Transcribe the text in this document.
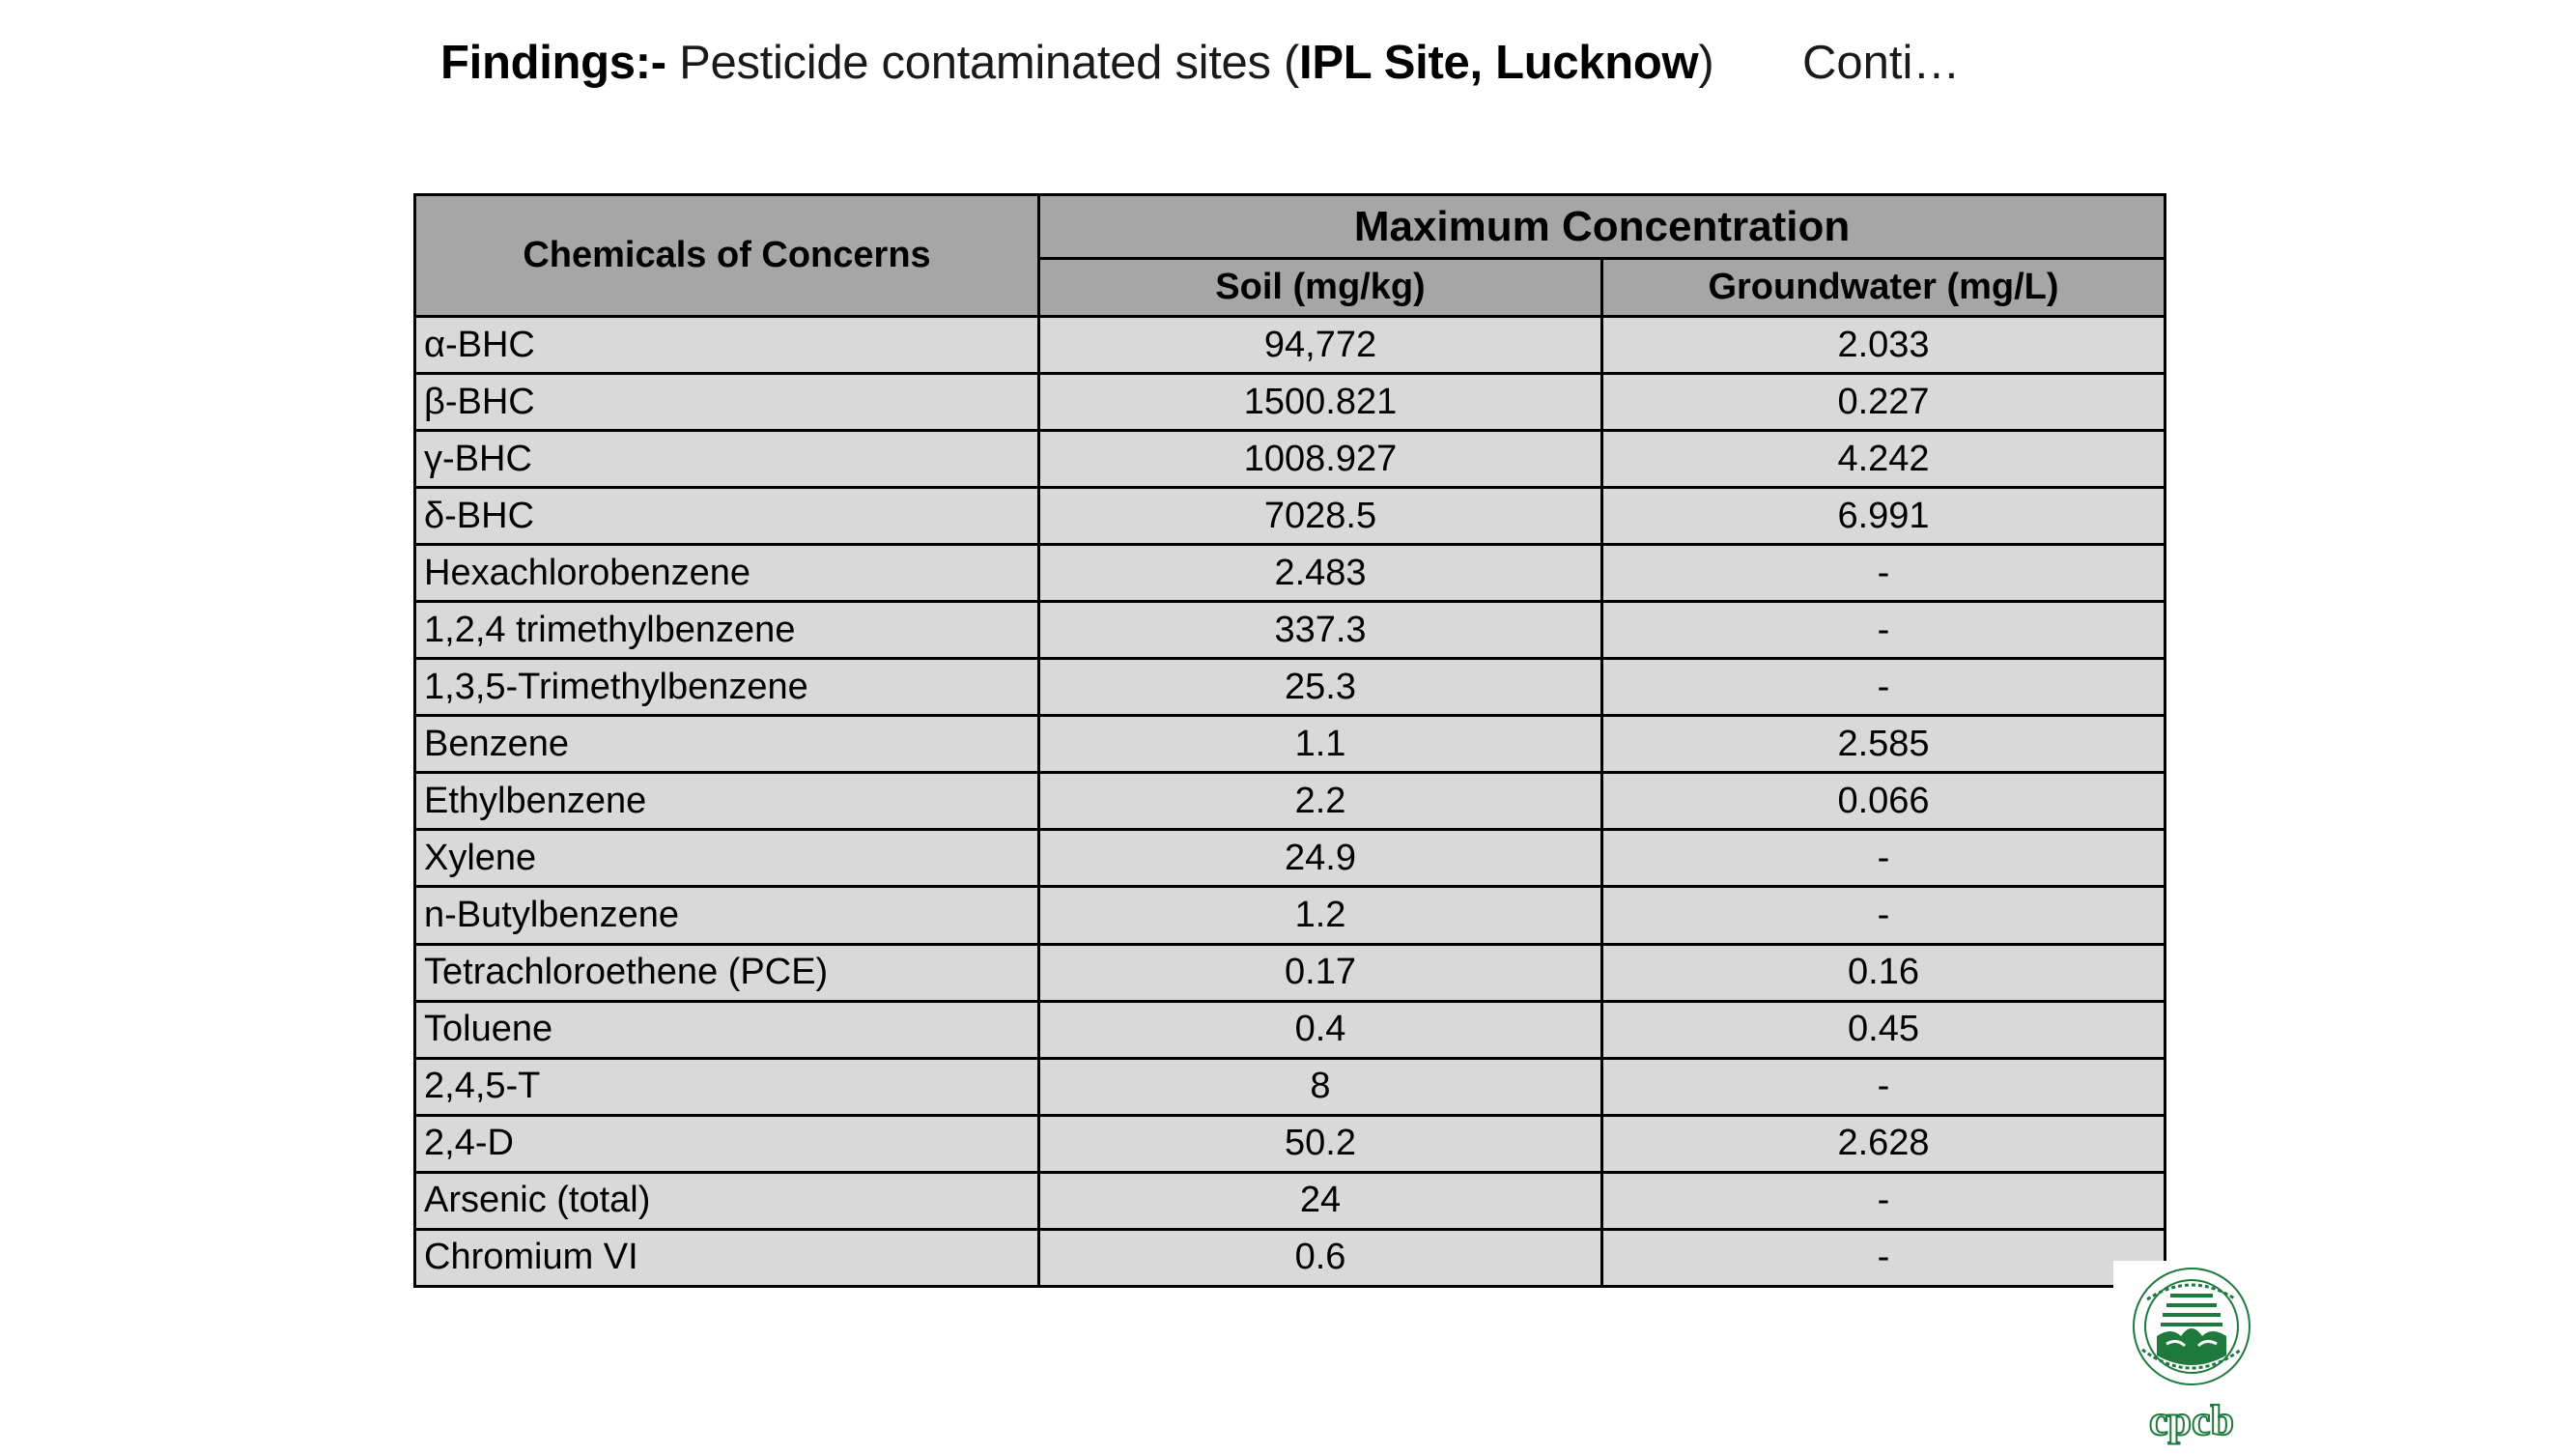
Findings:- Pesticide contaminated sites (IPL Site, Lucknow) Conti…
Chemicals of Concerns	Maximum Concentration	
	Soil (mg/kg)	Groundwater (mg/L)
α-BHC	94,772	2.033
β-BHC	1500.821	0.227
γ-BHC	1008.927	4.242
δ-BHC	7028.5	6.991
Hexachlorobenzene	2.483	-
1,2,4 trimethylbenzene	337.3	-
1,3,5-Trimethylbenzene	25.3	-
Benzene	1.1	2.585
Ethylbenzene	2.2	0.066
Xylene	24.9	-
n-Butylbenzene	1.2	-
Tetrachloroethene (PCE)	0.17	0.16
Toluene	0.4	0.45
2,4,5-T	8	-
2,4-D	50.2	2.628
Arsenic (total)	24	-
Chromium VI	0.6	-
cpcb
